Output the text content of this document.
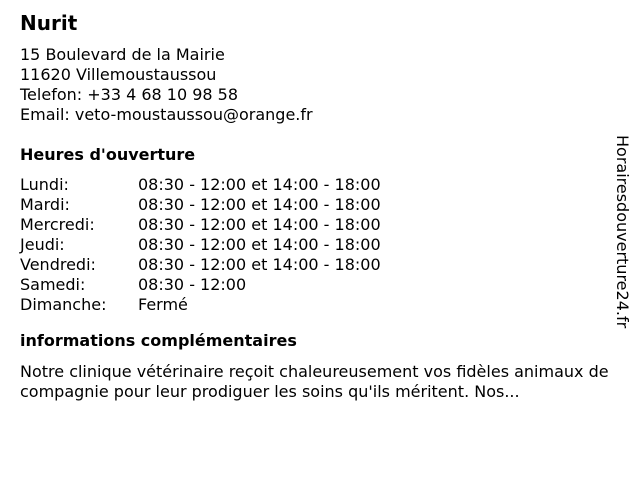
Nurit
15 Boulevard de la Mairie
11620 Villemoustaussou
Telefon: +33 4 68 10 98 58
Email: veto-moustaussou@orange.fr
Heures d'ouverture
Lundi:	08:30 - 12:00 et 14:00 - 18:00
Mardi:	08:30 - 12:00 et 14:00 - 18:00
Mercredi:	08:30 - 12:00 et 14:00 - 18:00
Jeudi:	08:30 - 12:00 et 14:00 - 18:00
Vendredi:	08:30 - 12:00 et 14:00 - 18:00
Samedi:	08:30 - 12:00
Dimanche: Fermé
informations complémentaires
Notre clinique vétérinaire reçoit chaleureusement vos fidèles animaux de compagnie pour leur prodiguer les soins qu'ils méritent. Nos...
Horairesdouverture24.fr
